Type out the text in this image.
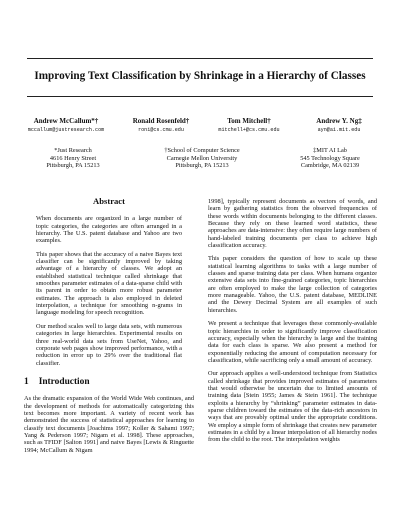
Improving Text Classification by Shrinkage in a Hierarchy of Classes
Andrew McCallum*†
mccallum@justresearch.com
Ronald Rosenfeld†
roni@cs.cmu.edu
Tom Mitchell†
mitchell+@cs.cmu.edu
Andrew Y. Ng‡
ayn@ai.mit.edu
*Just Research
4616 Henry Street
Pittsburgh, PA 15213
†School of Computer Science
Carnegie Mellon University
Pittsburgh, PA 15213
‡MIT AI Lab
545 Technology Square
Cambridge, MA 02139
Abstract

When documents are organized in a large number of topic categories, the categories are often arranged in a hierarchy. The U.S. patent database and Yahoo are two examples.

This paper shows that the accuracy of a naive Bayes text classifier can be significantly improved by taking advantage of a hierarchy of classes. We adopt an established statistical technique called shrinkage that smoothes parameter estimates of a data-sparse child with its parent in order to obtain more robust parameter estimates. The approach is also employed in deleted interpolation, a technique for smoothing n-grams in language modeling for speech recognition.

Our method scales well to large data sets, with numerous categories in large hierarchies. Experimental results on three real-world data sets from UseNet, Yahoo, and corporate web pages show improved performance, with a reduction in error up to 29% over the traditional flat classifier.

1 Introduction

As the dramatic expansion of the World Wide Web continues, and the development of methods for automatically categorizing this text becomes more important. A variety of recent work has demonstrated the success of statistical approaches for learning to classify text documents [Joachims 1997; Koller & Sahami 1997; Yang & Pederson 1997; Nigam et al. 1998]. These approaches, such as TFIDF [Salton 1991] and naive Bayes [Lewis & Ringuette 1994; McCallum & Nigam

1998], typically represent documents as vectors of words, and learn by gathering statistics from the observed frequencies of these words within documents belonging to the different classes. Because they rely on these learned word statistics, these approaches are data-intensive: they often require large numbers of hand-labeled training documents per class to achieve high classification accuracy.

This paper considers the question of how to scale up these statistical learning algorithms to tasks with a large number of classes and sparse training data per class. When humans organize extensive data sets into fine-grained categories, topic hierarchies are often employed to make the large collection of categories more manageable. Yahoo, the U.S. patent database, MEDLINE and the Dewey Decimal System are all examples of such hierarchies.

We present a technique that leverages these commonly-available topic hierarchies in order to significantly improve classification accuracy, especially when the hierarchy is large and the training data for each class is sparse. We also present a method for exponentially reducing the amount of computation necessary for classification, while sacrificing only a small amount of accuracy.

Our approach applies a well-understood technique from Statistics called shrinkage that provides improved estimates of parameters that would otherwise be uncertain due to limited amounts of training data [Stein 1955; James & Stein 1961]. The technique exploits a hierarchy by “shrinking” parameter estimates in data-sparse children toward the estimates of the data-rich ancestors in ways that are provably optimal under the appropriate conditions. We employ a simple form of shrinkage that creates new parameter estimates in a child by a linear interpolation of all hierarchy nodes from the child to the root. The interpolation weights
